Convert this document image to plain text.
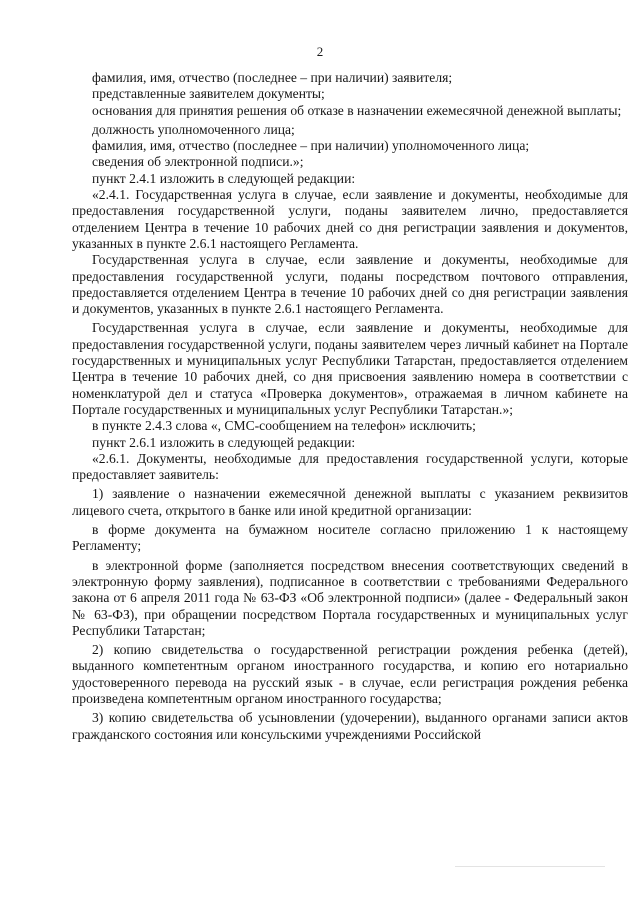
2

фамилия, имя, отчество (последнее – при наличии) заявителя;

представленные заявителем документы;

основания для принятия решения об отказе в назначении ежемесячной денежной выплаты;

должность уполномоченного лица;

фамилия, имя, отчество (последнее – при наличии) уполномоченного лица;

сведения об электронной подписи.»;

пункт 2.4.1 изложить в следующей редакции:

«2.4.1. Государственная услуга в случае, если заявление и документы, необходимые для предоставления государственной услуги, поданы заявителем лично, предоставляется отделением Центра в течение 10 рабочих дней со дня регистрации заявления и документов, указанных в пункте 2.6.1 настоящего Регламента.

Государственная услуга в случае, если заявление и документы, необходимые для предоставления государственной услуги, поданы посредством почтового отправления, предоставляется отделением Центра в течение 10 рабочих дней со дня регистрации заявления и документов, указанных в пункте 2.6.1 настоящего Регламента.

Государственная услуга в случае, если заявление и документы, необходимые для предоставления государственной услуги, поданы заявителем через личный кабинет на Портале государственных и муниципальных услуг Республики Татарстан, предоставляется отделением Центра в течение 10 рабочих дней, со дня присвоения заявлению номера в соответствии с номенклатурой дел и статуса «Проверка документов», отражаемая в личном кабинете на Портале государственных и муниципальных услуг Республики Татарстан.»;

в пункте 2.4.3 слова «, СМС-сообщением на телефон» исключить;

пункт 2.6.1 изложить в следующей редакции:

«2.6.1. Документы, необходимые для предоставления государственной услуги, которые предоставляет заявитель:

1) заявление о назначении ежемесячной денежной выплаты с указанием реквизитов лицевого счета, открытого в банке или иной кредитной организации:

в форме документа на бумажном носителе согласно приложению 1 к настоящему Регламенту;

в электронной форме (заполняется посредством внесения соответствующих сведений в электронную форму заявления), подписанное в соответствии с требованиями Федерального закона от 6 апреля 2011 года № 63-ФЗ «Об электронной подписи» (далее - Федеральный закон № 63-ФЗ), при обращении посредством Портала государственных и муниципальных услуг Республики Татарстан;

2) копию свидетельства о государственной регистрации рождения ребенка (детей), выданного компетентным органом иностранного государства, и копию его нотариально удостоверенного перевода на русский язык - в случае, если регистрация рождения ребенка произведена компетентным органом иностранного государства;

3) копию свидетельства об усыновлении (удочерении), выданного органами записи актов гражданского состояния или консульскими учреждениями Российской
